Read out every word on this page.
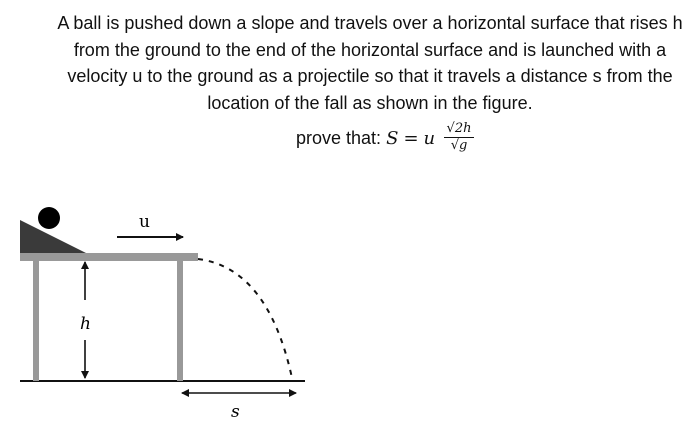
A ball is pushed down a slope and travels over a horizontal surface that rises h
from the ground to the end of the horizontal surface and is launched with a
velocity u to the ground as a projectile so that it travels a distance s from the
location of the fall as shown in the figure.
prove that: S = u $\frac{√2h}{√g}$
u
h
s
